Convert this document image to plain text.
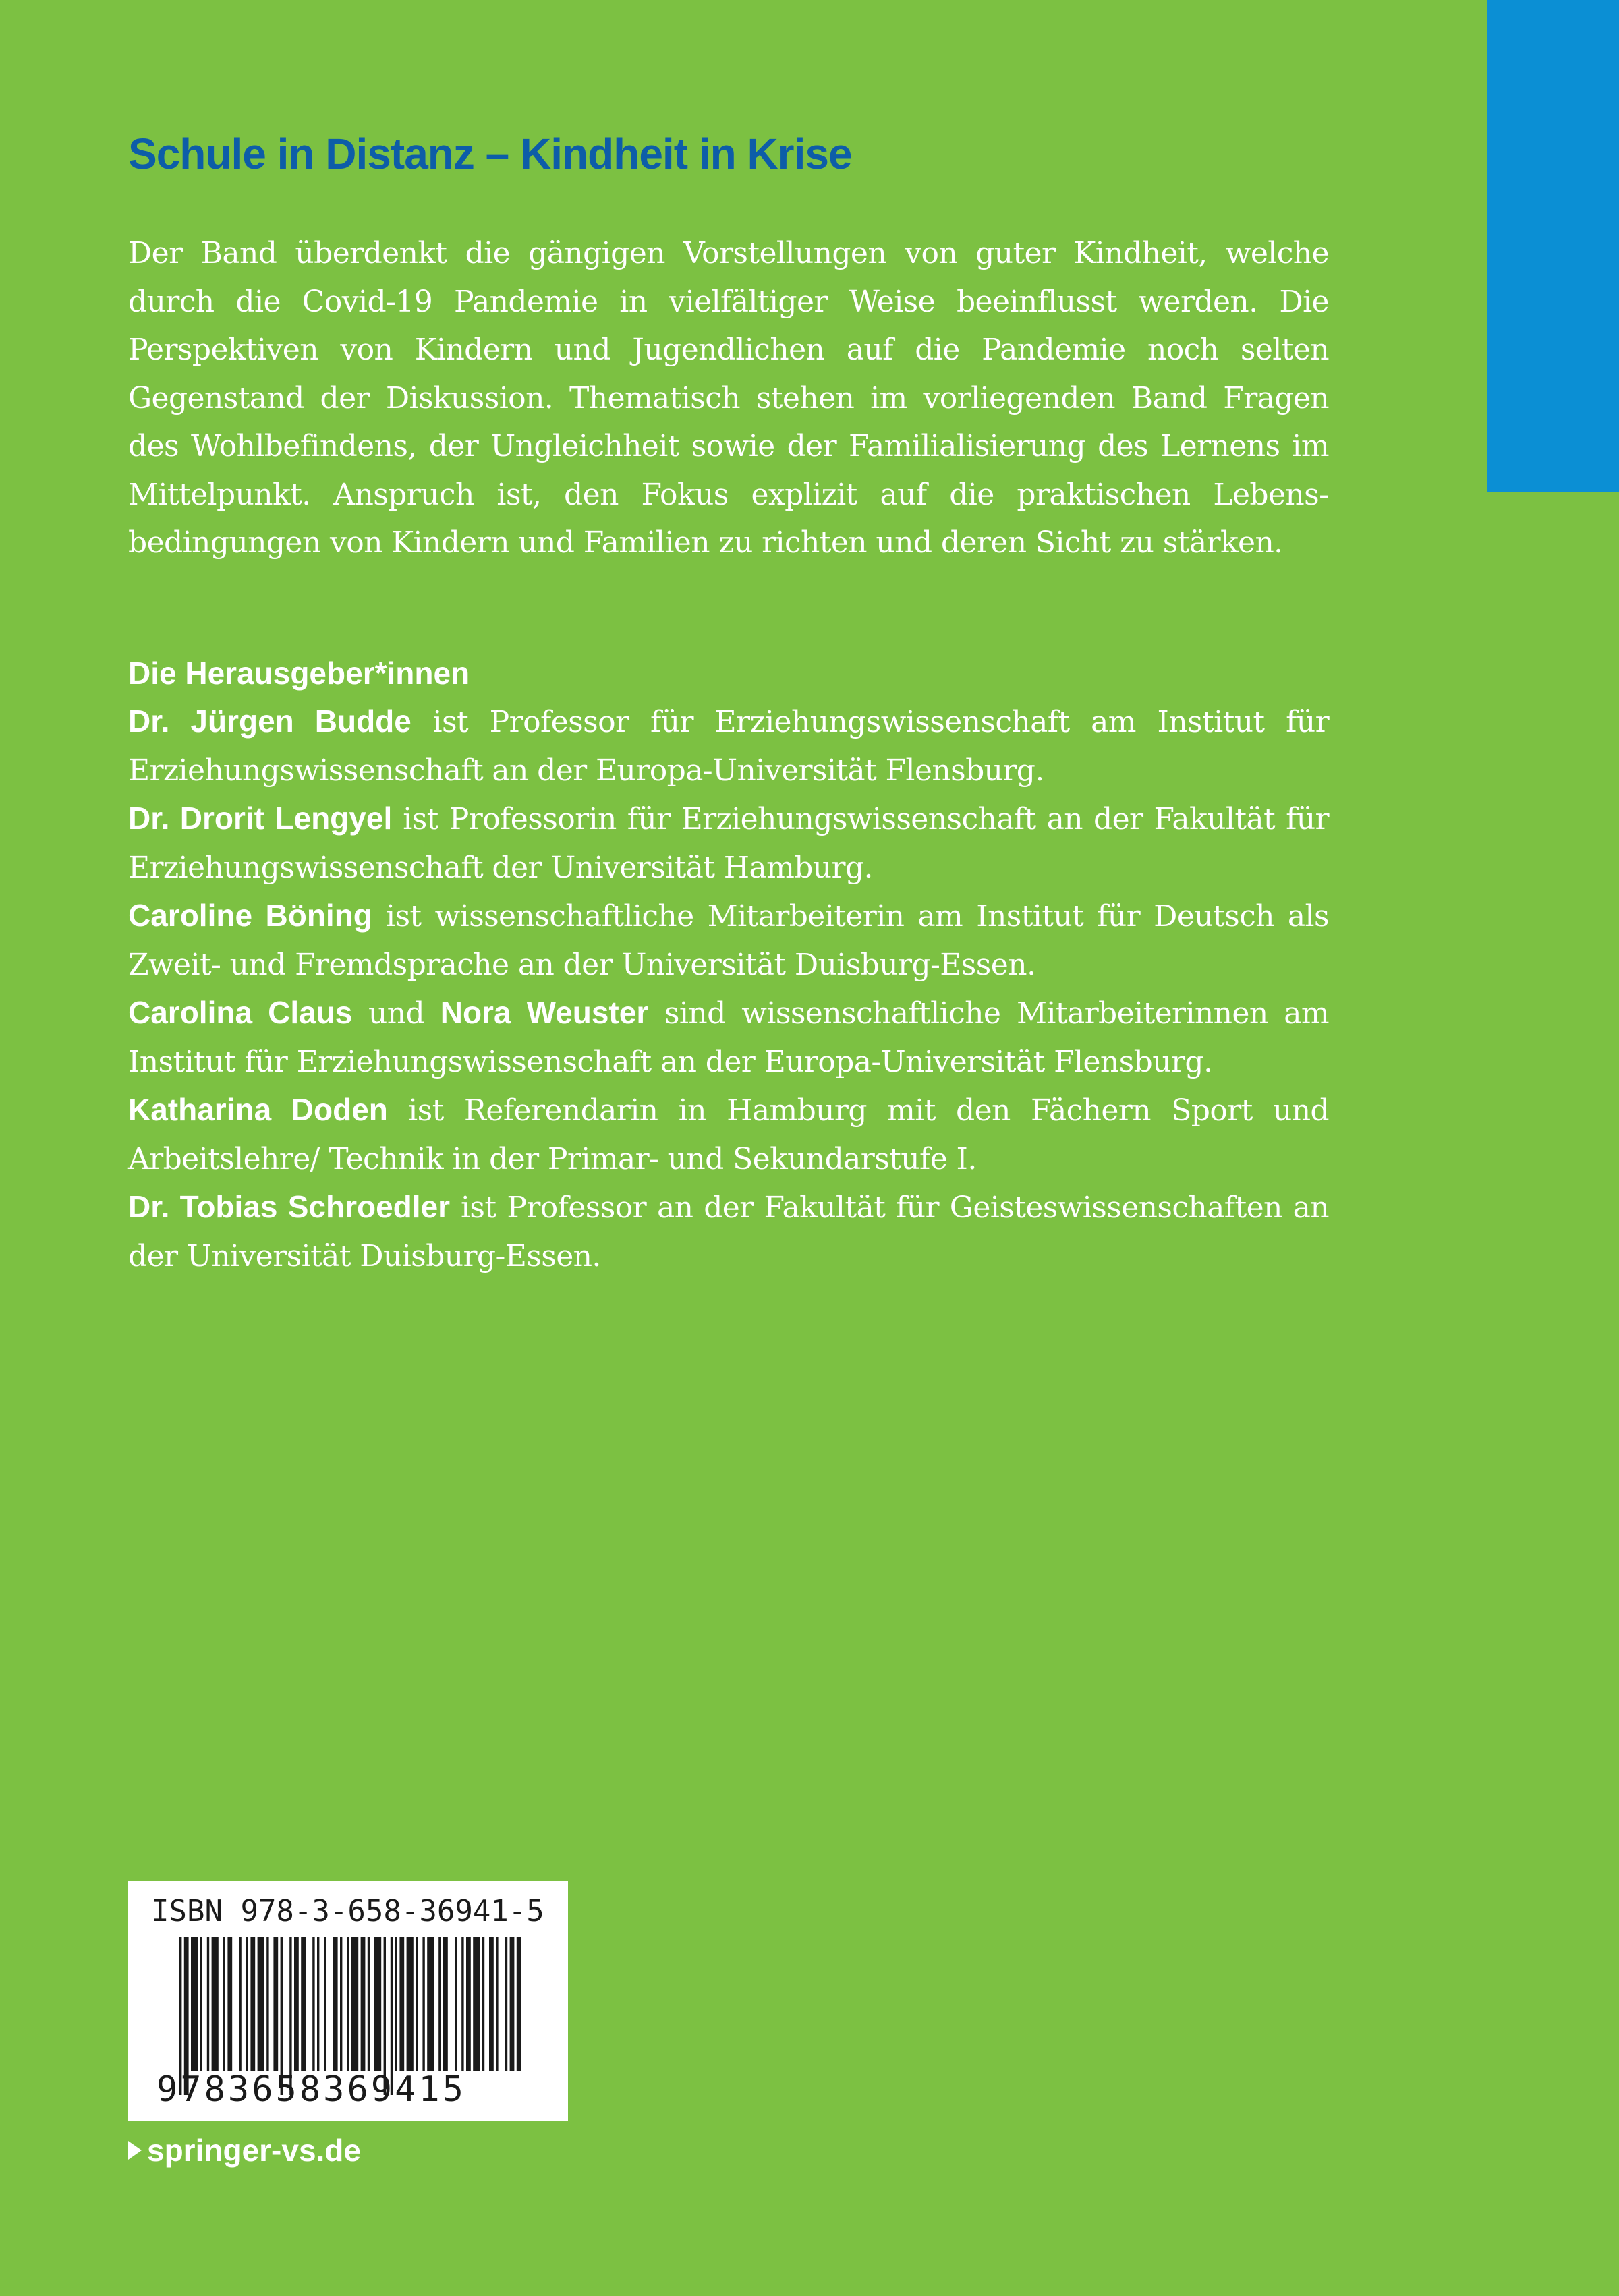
Schule in Distanz – Kindheit in Krise

Der Band überdenkt die gängigen Vorstellungen von guter Kindheit, welche durch die Covid-19 Pandemie in vielfältiger Weise beeinflusst werden. Die Perspektiven von Kindern und Jugendlichen auf die Pandemie noch selten Gegenstand der Diskussion. Thematisch stehen im vorliegenden Band Fragen des Wohlbefindens, der Ungleichheit sowie der Familialisierung des Lernens im Mittelpunkt. Anspruch ist, den Fokus explizit auf die praktischen Lebensbedingungen von Kindern und Familien zu richten und deren Sicht zu stärken.

Die Herausgeber*innen

Dr. Jürgen Budde ist Professor für Erziehungswissenschaft am Institut für Erziehungswissenschaft an der Europa-Universität Flensburg.

Dr. Drorit Lengyel ist Professorin für Erziehungswissenschaft an der Fakultät für Erziehungswissenschaft der Universität Hamburg.

Caroline Böning ist wissenschaftliche Mitarbeiterin am Institut für Deutsch als Zweit- und Fremdsprache an der Universität Duisburg-Essen.

Carolina Claus und Nora Weuster sind wissenschaftliche Mitarbeiterinnen am Institut für Erziehungswissenschaft an der Europa-Universität Flensburg.

Katharina Doden ist Referendarin in Hamburg mit den Fächern Sport und Arbeitslehre/ Technik in der Primar- und Sekundarstufe I.

Dr. Tobias Schroedler ist Professor an der Fakultät für Geisteswissenschaften an der Universität Duisburg-Essen.

ISBN 978-3-658-36941-5

9783658369415

springer-vs.de
